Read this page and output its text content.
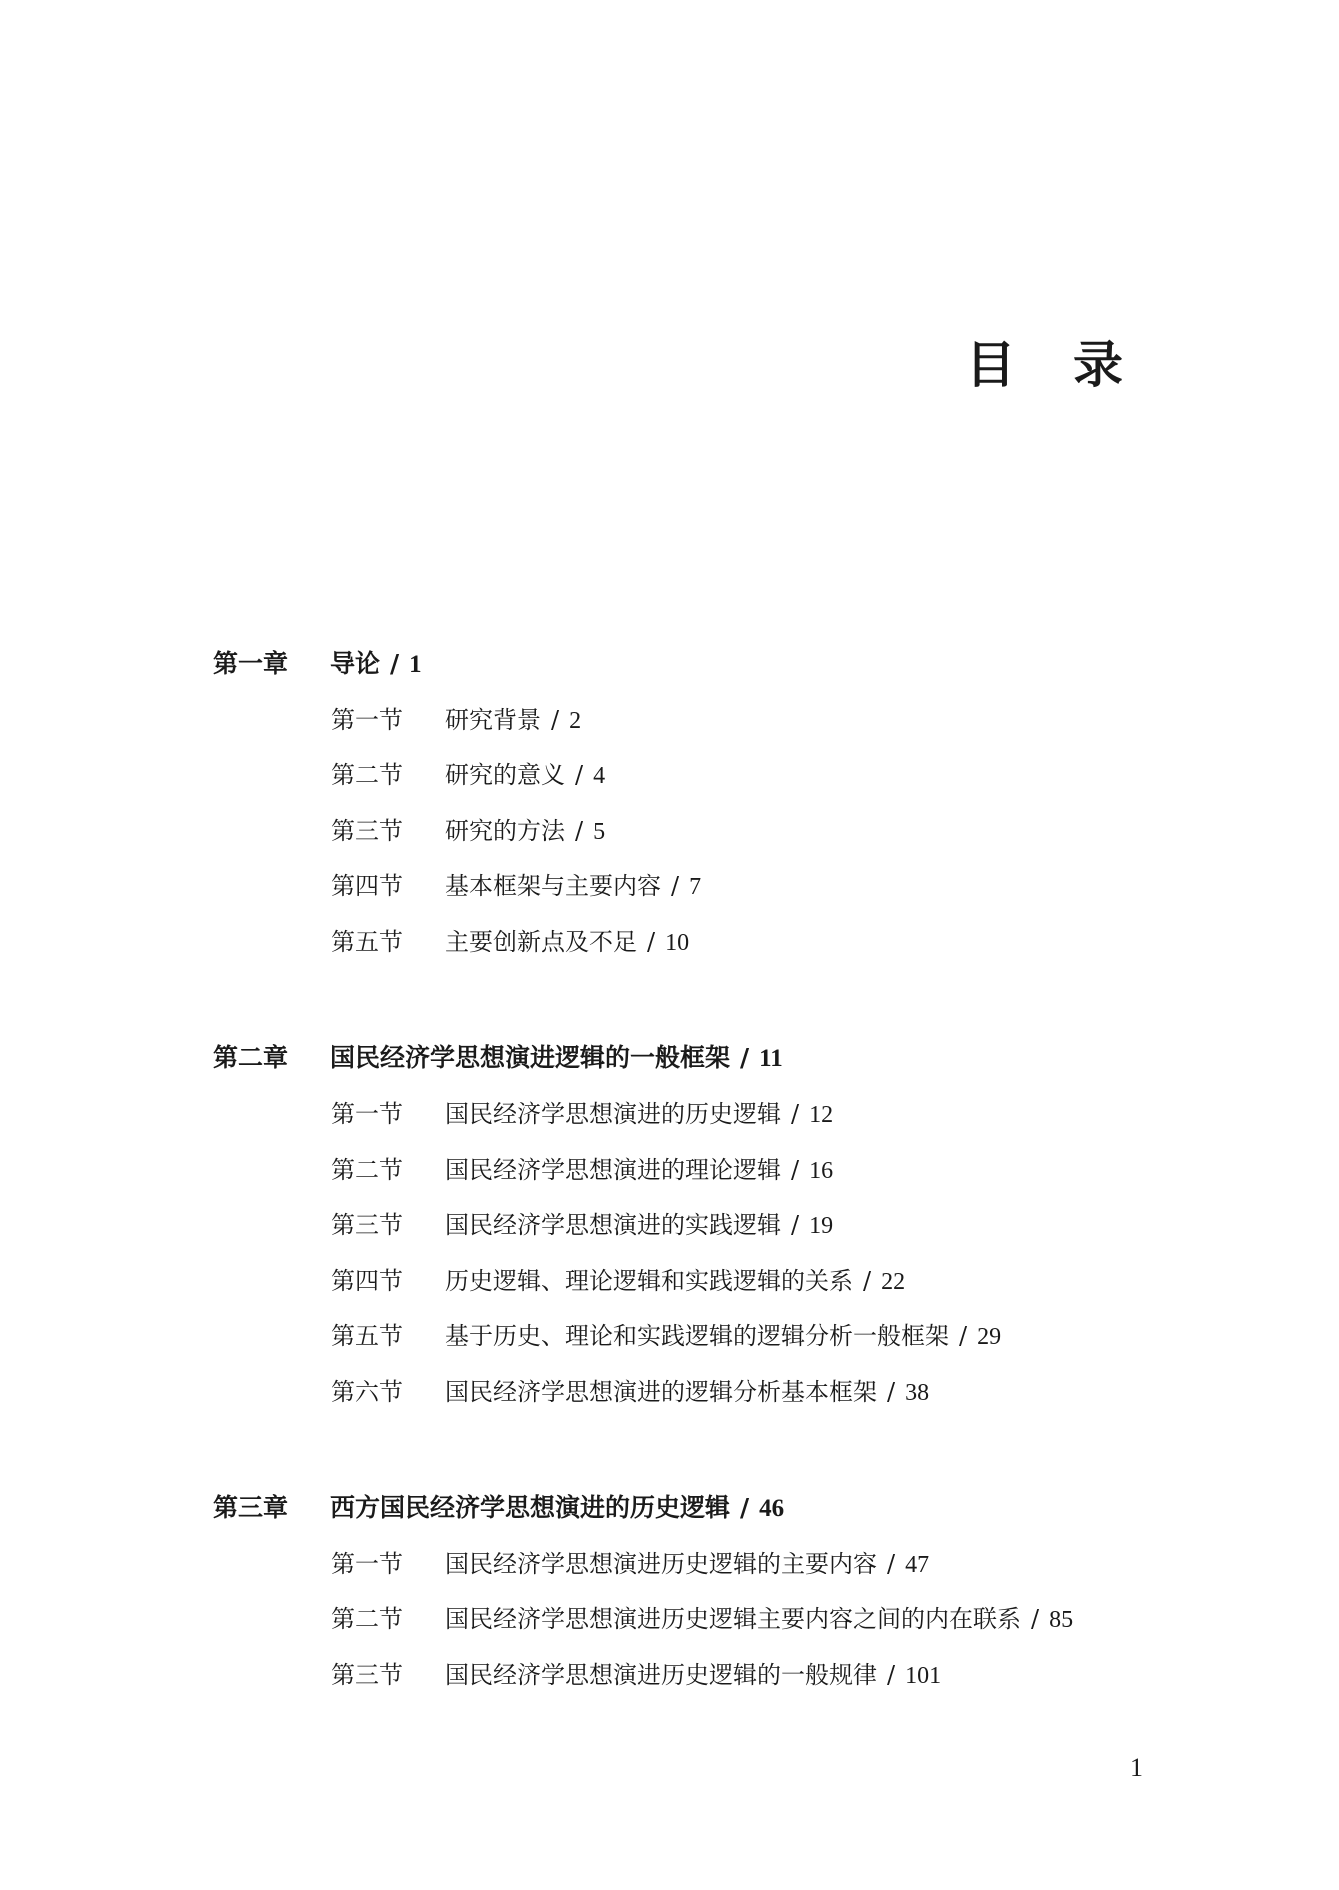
目 录
第一章 导论 / 1
第一节 研究背景 / 2
第二节 研究的意义 / 4
第三节 研究的方法 / 5
第四节 基本框架与主要内容 / 7
第五节 主要创新点及不足 / 10
第二章 国民经济学思想演进逻辑的一般框架 / 11
第一节 国民经济学思想演进的历史逻辑 / 12
第二节 国民经济学思想演进的理论逻辑 / 16
第三节 国民经济学思想演进的实践逻辑 / 19
第四节 历史逻辑、理论逻辑和实践逻辑的关系 / 22
第五节 基于历史、理论和实践逻辑的逻辑分析一般框架 / 29
第六节 国民经济学思想演进的逻辑分析基本框架 / 38
第三章 西方国民经济学思想演进的历史逻辑 / 46
第一节 国民经济学思想演进历史逻辑的主要内容 / 47
第二节 国民经济学思想演进历史逻辑主要内容之间的内在联系 / 85
第三节 国民经济学思想演进历史逻辑的一般规律 / 101
1
